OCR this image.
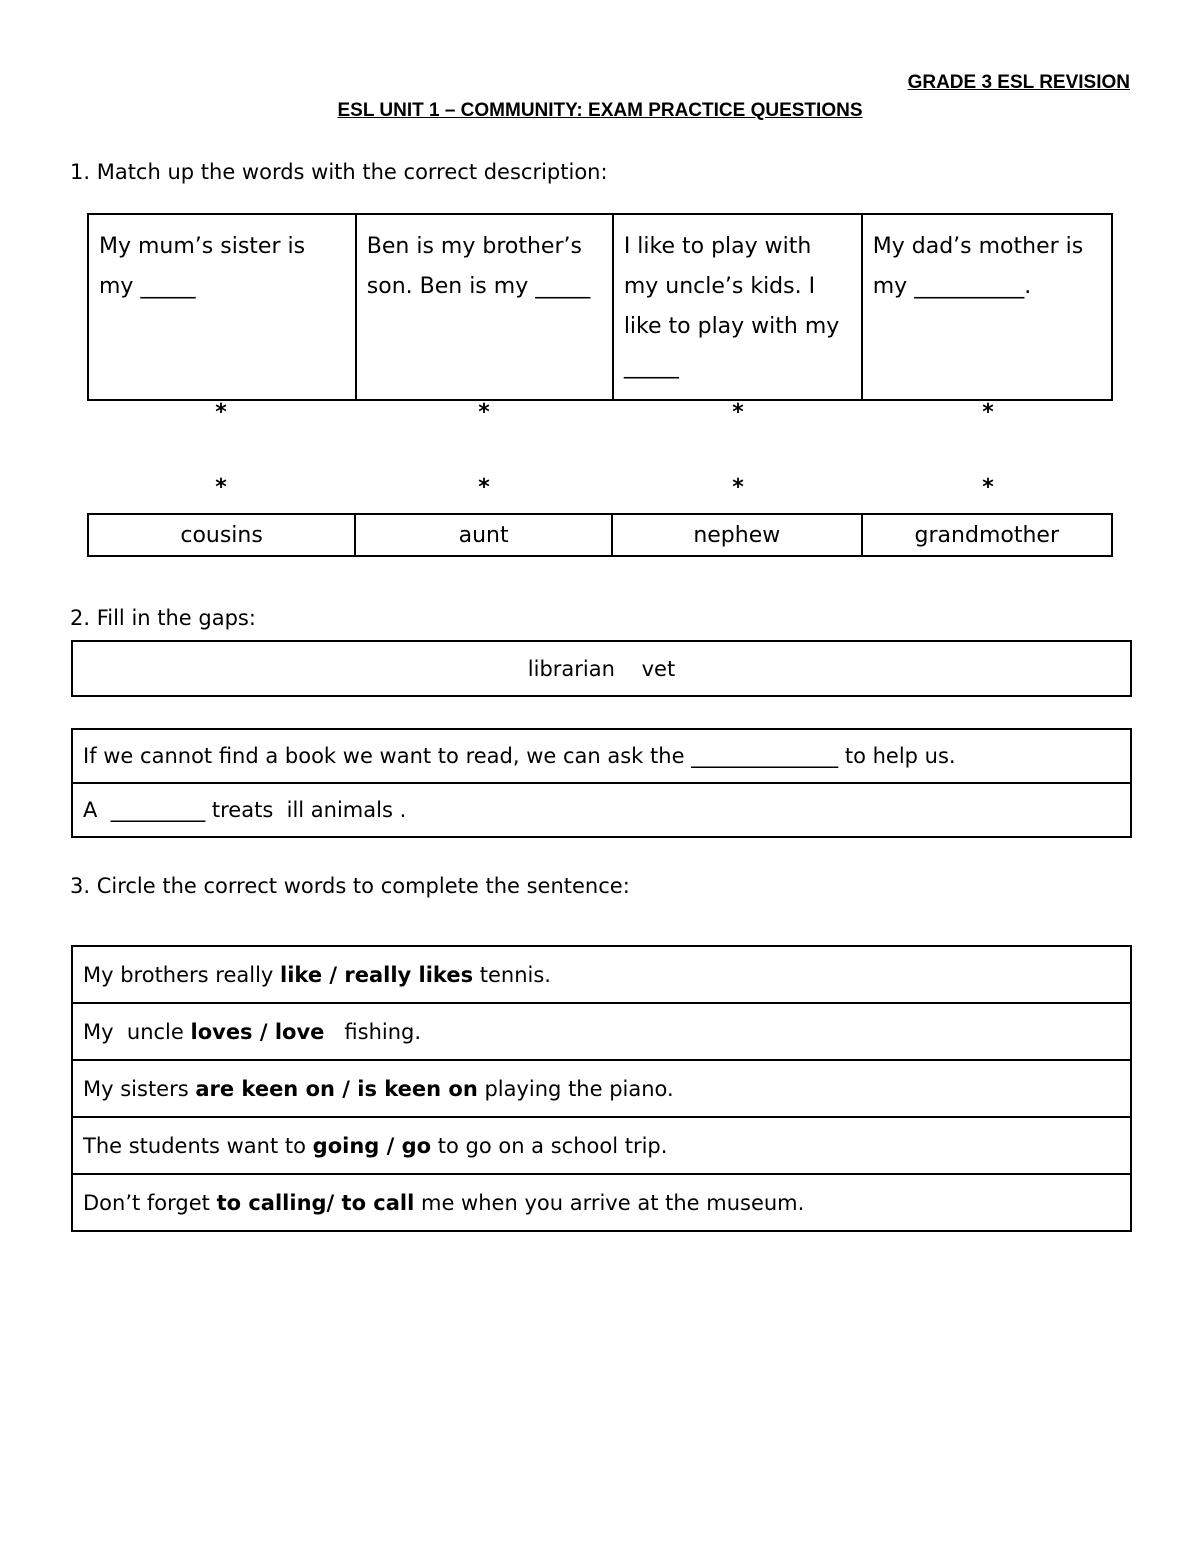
GRADE 3 ESL REVISION
ESL UNIT 1 – COMMUNITY: EXAM PRACTICE QUESTIONS
1. Match up the words with the correct description:
My mum’s sister is my _____	Ben is my brother’s son. Ben is my _____	I like to play with my uncle’s kids. I like to play with my _____	My dad’s mother is my __________.
*	*	*	*
*	*	*	*
cousins	aunt	nephew	grandmother
2. Fill in the gaps:
librarian    vet
If we cannot find a book we want to read, we can ask the ______________ to help us.
A  _________ treats  ill animals .
3. Circle the correct words to complete the sentence:
My brothers really like / really likes tennis.
My  uncle loves / love   fishing.
My sisters are keen on / is keen on playing the piano.
The students want to going / go to go on a school trip.
Don’t forget to calling/ to call me when you arrive at the museum.
